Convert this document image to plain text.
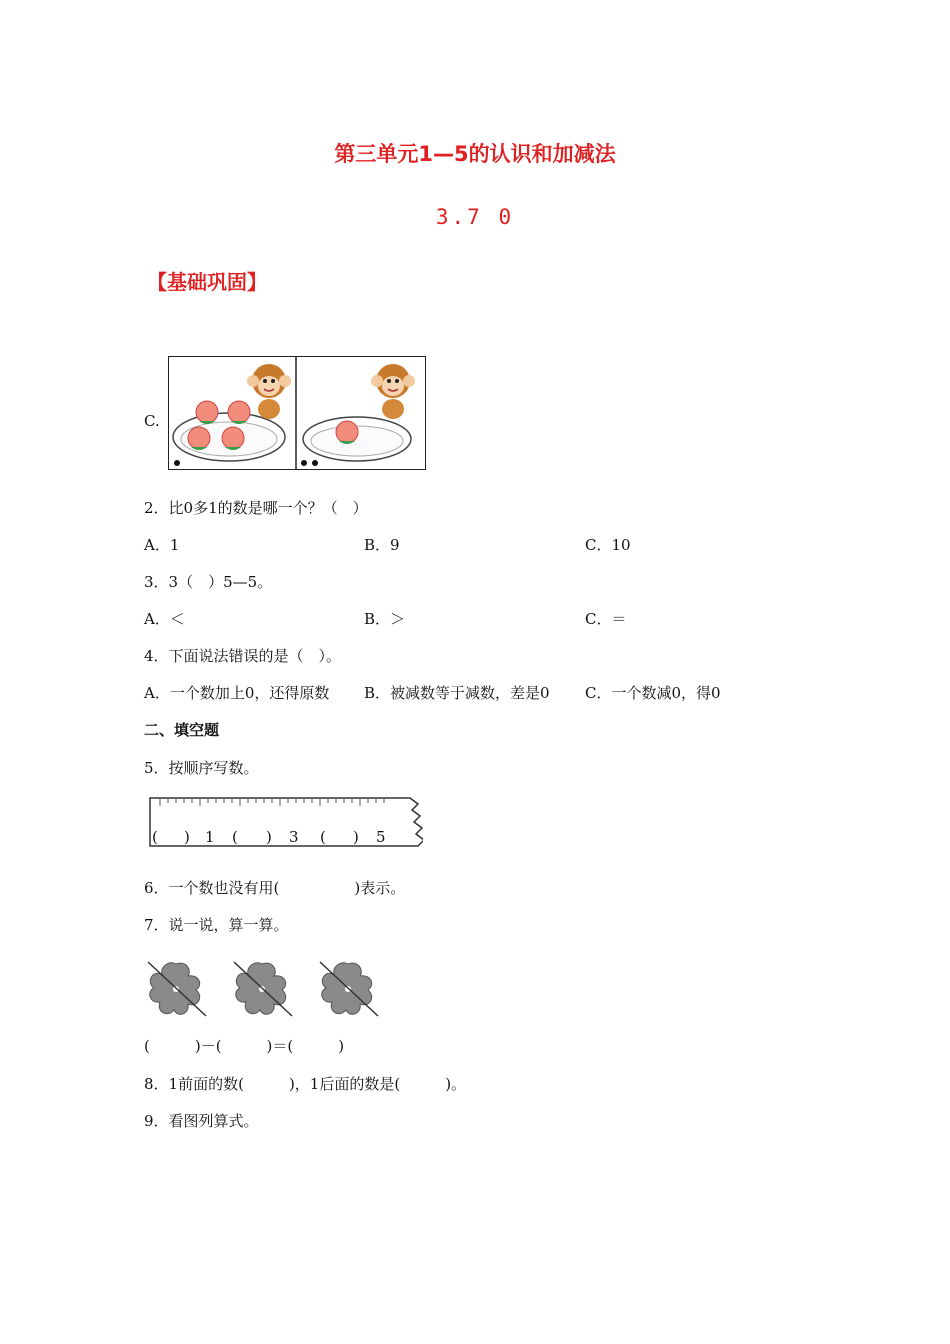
第三单元1—5的认识和加减法
3.7 0
【基础巩固】
C.
2．比0多1的数是哪一个？（　）
A．1	B．9	C．10
3．3（　）5—5。
A．＜	B．＞	C．＝
4．下面说法错误的是（　）。
A．一个数加上0，还得原数 B．被减数等于减数，差是0 C．一个数减0，得0
二、填空题
5．按顺序写数。
( ) 1 ( ) 3 ( ) 5
6．一个数也没有用(　　　　　)表示。
7．说一说，算一算。
(　　　)－(　　　)＝(　　　)
8．1前面的数(　　　)，1后面的数是(　　　)。
9．看图列算式。
